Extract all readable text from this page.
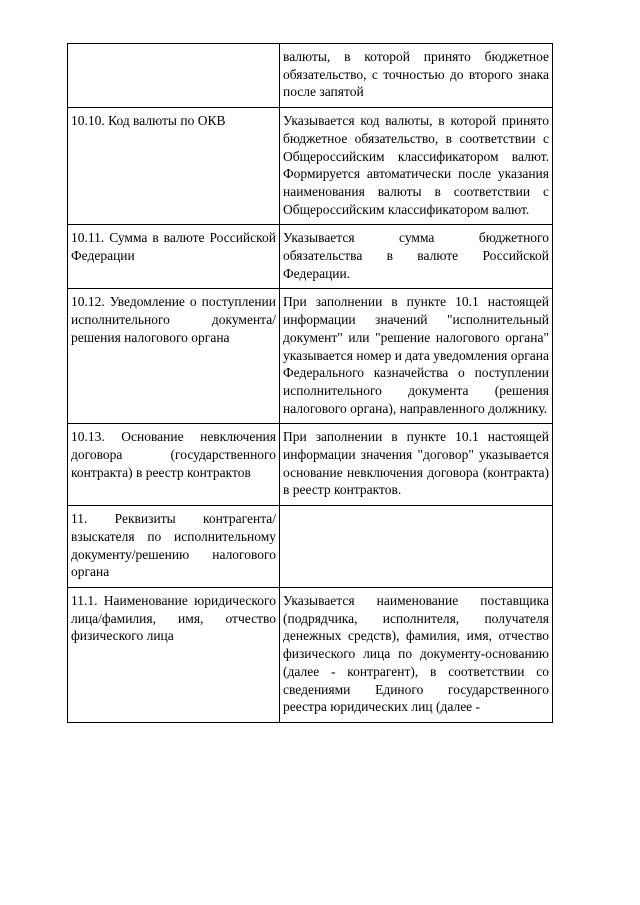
	валюты, в которой принято бюджетное обязательство, с точностью до второго знака после запятой
10.10. Код валюты по ОКВ	Указывается код валюты, в которой принято бюджетное обязательство, в соответствии с Общероссийским классификатором валют. Формируется автоматически после указания наименования валюты в соответствии с Общероссийским классификатором валют.
10.11. Сумма в валюте Российской Федерации	Указывается сумма бюджетного обязательства в валюте Российской Федерации.
10.12. Уведомление о поступлении исполнительного документа/решения налогового органа	При заполнении в пункте 10.1 настоящей информации значений "исполнительный документ" или "решение налогового органа" указывается номер и дата уведомления органа Федерального казначейства о поступлении исполнительного документа (решения налогового органа), направленного должнику.
10.13. Основание невключения договора (государственного контракта) в реестр контрактов	При заполнении в пункте 10.1 настоящей информации значения "договор" указывается основание невключения договора (контракта) в реестр контрактов.
11. Реквизиты контрагента/взыскателя по исполнительному документу/решению налогового органа	
11.1. Наименование юридического лица/фамилия, имя, отчество физического лица	Указывается наименование поставщика (подрядчика, исполнителя, получателя денежных средств), фамилия, имя, отчество физического лица по документу-основанию (далее - контрагент), в соответствии со сведениями Единого государственного реестра юридических лиц (далее -
